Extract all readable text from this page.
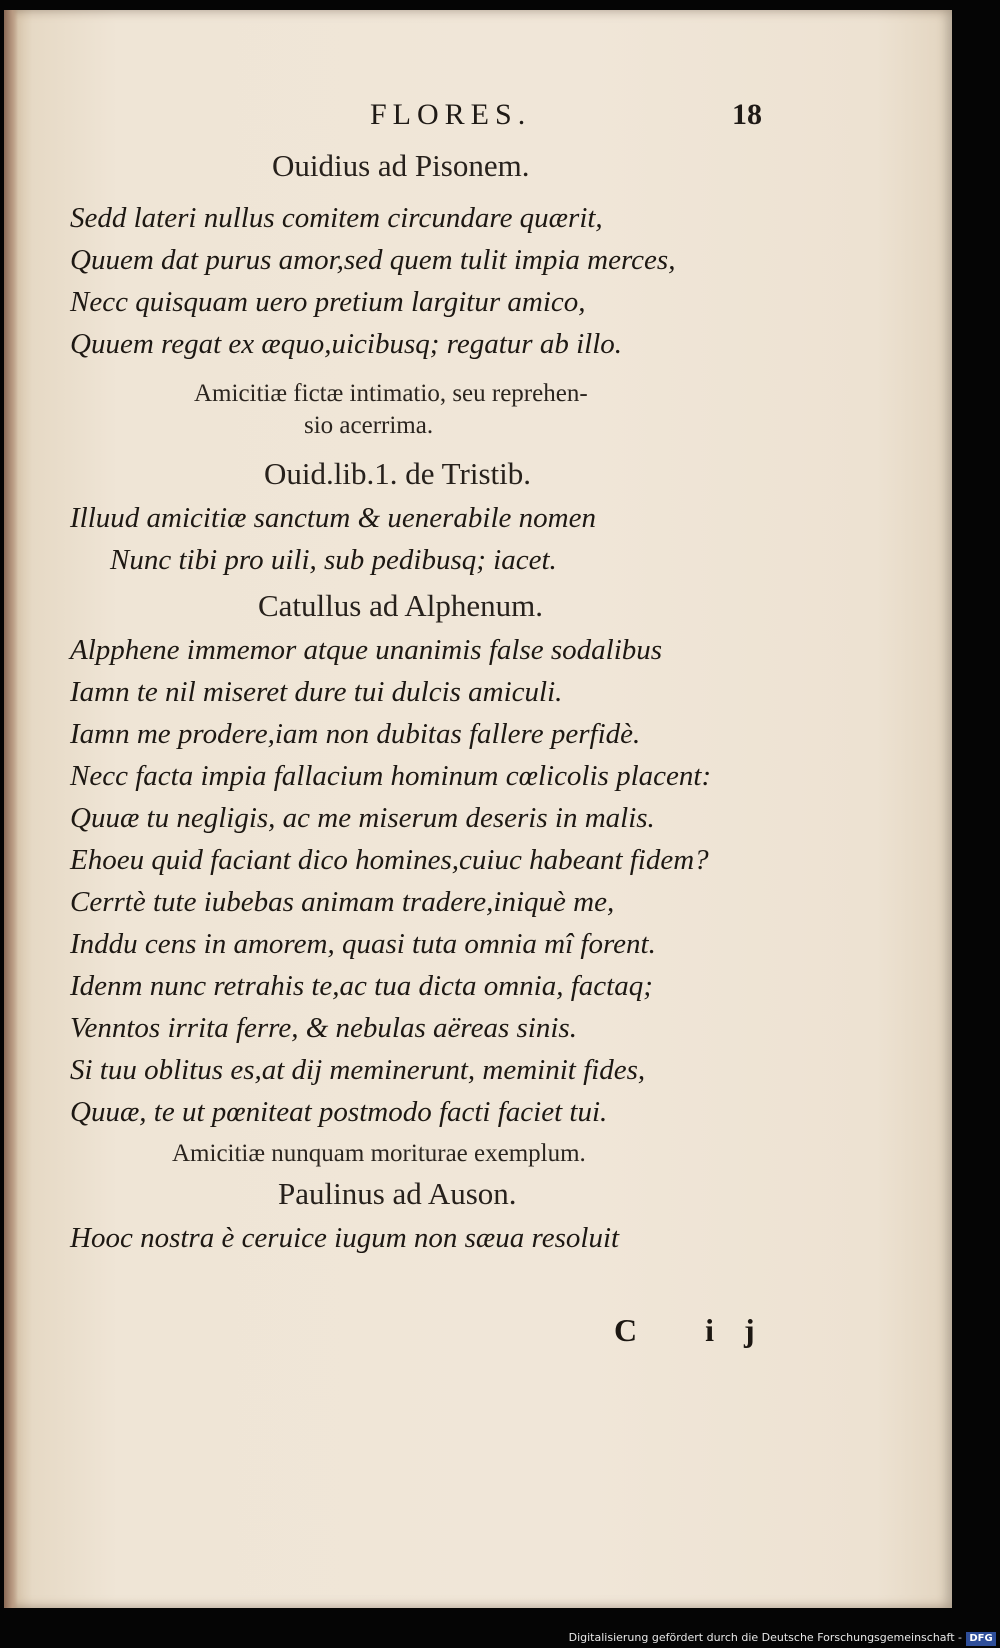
FLORES.	18
Ouidius ad Pisonem.
Sedd lateri nullus comitem circundare quærit,
Quuem dat purus amor,sed quem tulit impia merces,
Necc quisquam uero pretium largitur amico,
Quuem regat ex æquo,uicibusq; regatur ab illo.
Amicitiæ fictæ intimatio, seu reprehen-
sio acerrima.
Ouid.lib.1. de Tristib.
Illuud amicitiæ sanctum & uenerabile nomen
Nunc tibi pro uili, sub pedibusq; iacet.
Catullus ad Alphenum.
Alpphene immemor atque unanimis false sodalibus
Iamn te nil miseret dure tui dulcis amiculi.
Iamn me prodere,iam non dubitas fallere perfidè.
Necc facta impia fallacium hominum cœlicolis placent:
Quuæ tu negligis, ac me miserum deseris in malis.
Ehoeu quid faciant dico homines,cuiuc habeant fidem?
Cerrtè tute iubebas animam tradere,iniquè me,
Inddu cens in amorem, quasi tuta omnia mî forent.
Idenm nunc retrahis te,ac tua dicta omnia, factaq;
Venntos irrita ferre, & nebulas aëreas sinis.
Si tuu oblitus es,at dij meminerunt, meminit fides,
Quuæ, te ut pœniteat postmodo facti faciet tui.
Amicitiæ nunquam moriturae exemplum.
Paulinus ad Auson.
Hooc nostra è ceruice iugum non sæua resoluit
C ij
Digitalisierung gefördert durch die Deutsche Forschungsgemeinschaft - DFG
